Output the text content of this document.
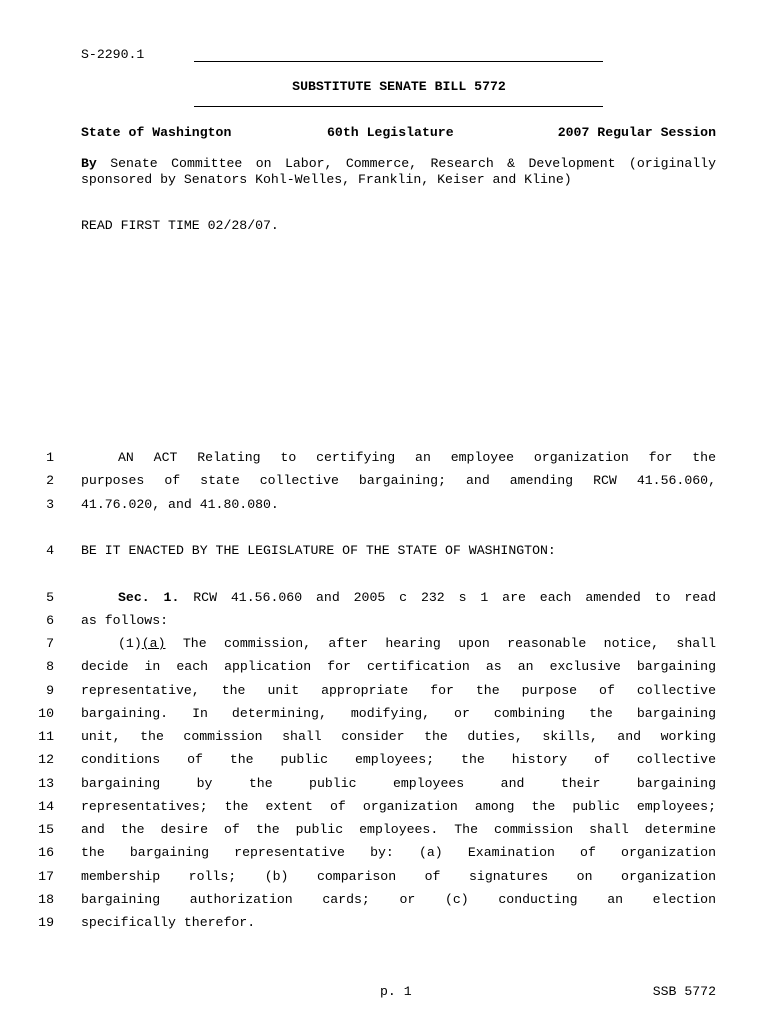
S-2290.1
SUBSTITUTE SENATE BILL 5772
State of Washington	60th Legislature	2007 Regular Session
By Senate Committee on Labor, Commerce, Research & Development (originally sponsored by Senators Kohl-Welles, Franklin, Keiser and Kline)
READ FIRST TIME 02/28/07.
1	AN ACT Relating to certifying an employee organization for the
2 purposes of state collective bargaining; and amending RCW 41.56.060,
3 41.76.020, and 41.80.080.
4 BE IT ENACTED BY THE LEGISLATURE OF THE STATE OF WASHINGTON:
5	Sec. 1. RCW 41.56.060 and 2005 c 232 s 1 are each amended to read
6 as follows:
7	(1)(a) The commission, after hearing upon reasonable notice, shall
8 decide in each application for certification as an exclusive bargaining
9 representative, the unit appropriate for the purpose of collective
10 bargaining. In determining, modifying, or combining the bargaining
11 unit, the commission shall consider the duties, skills, and working
12 conditions of the public employees; the history of collective
13 bargaining by the public employees and their bargaining
14 representatives; the extent of organization among the public employees;
15 and the desire of the public employees. The commission shall determine
16 the bargaining representative by: (a) Examination of organization
17 membership rolls; (b) comparison of signatures on organization
18 bargaining authorization cards; or (c) conducting an election
19 specifically therefor.
p. 1	SSB 5772
